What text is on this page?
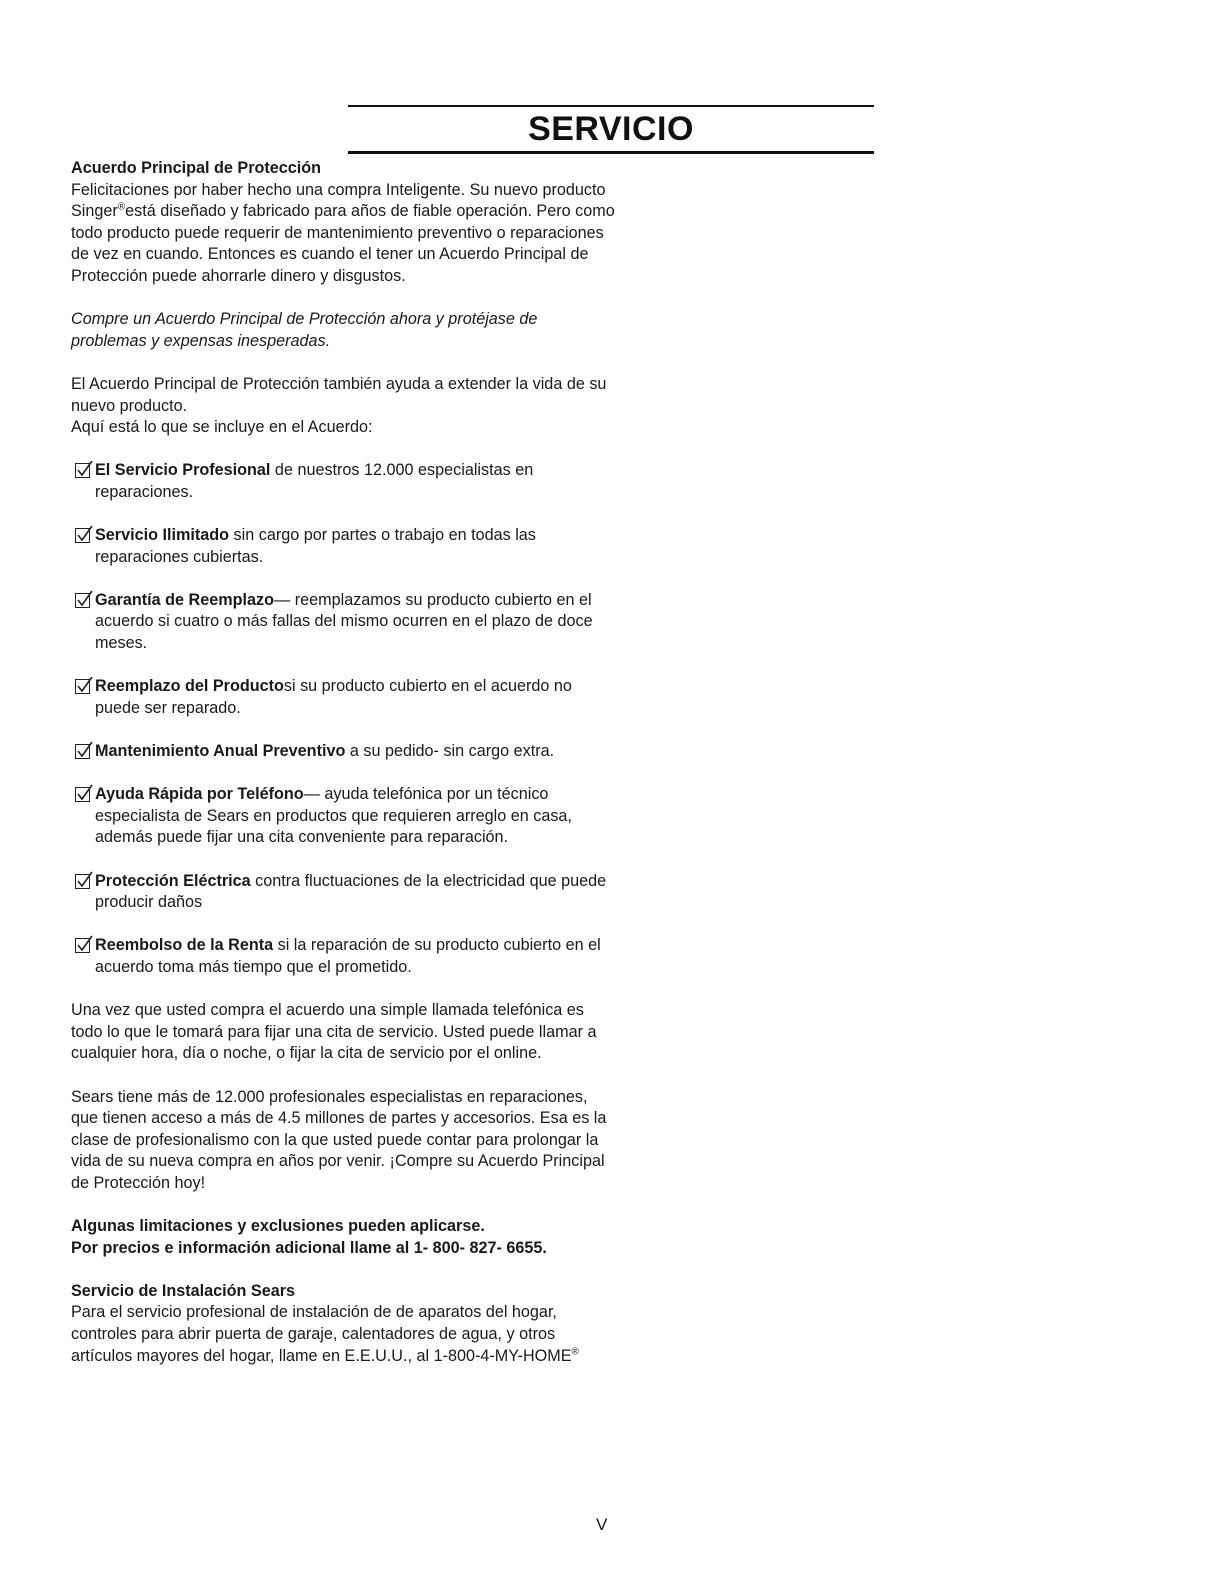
SERVICIO

Acuerdo Principal de Protección

Felicitaciones por haber hecho una compra Inteligente. Su nuevo producto Singer®está diseñado y fabricado para años de fiable operación. Pero como todo producto puede requerir de mantenimiento preventivo o reparaciones de vez en cuando. Entonces es cuando el tener un Acuerdo Principal de Protección puede ahorrarle dinero y disgustos.

Compre un Acuerdo Principal de Protección ahora y protéjase de problemas y expensas inesperadas.

El Acuerdo Principal de Protección también ayuda a extender la vida de su nuevo producto.

Aquí está lo que se incluye en el Acuerdo:

El Servicio Profesional de nuestros 12.000 especialistas en reparaciones.
Servicio Ilimitado sin cargo por partes o trabajo en todas las reparaciones cubiertas.
Garantía de Reemplazo— reemplazamos su producto cubierto en el acuerdo si cuatro o más fallas del mismo ocurren en el plazo de doce meses.
Reemplazo del Productosi su producto cubierto en el acuerdo no puede ser reparado.
Mantenimiento Anual Preventivo a su pedido- sin cargo extra.
Ayuda Rápida por Teléfono— ayuda telefónica por un técnico especialista de Sears en productos que requieren arreglo en casa, además puede fijar una cita conveniente para reparación.
Protección Eléctrica contra fluctuaciones de la electricidad que puede producir daños
Reembolso de la Renta si la reparación de su producto cubierto en el acuerdo toma más tiempo que el prometido.

Una vez que usted compra el acuerdo una simple llamada telefónica es todo lo que le tomará para fijar una cita de servicio. Usted puede llamar a cualquier hora, día o noche, o fijar la cita de servicio por el online.

Sears tiene más de 12.000 profesionales especialistas en reparaciones, que tienen acceso a más de 4.5 millones de partes y accesorios. Esa es la clase de profesionalismo con la que usted puede contar para prolongar la vida de su nueva compra en años por venir. ¡Compre su Acuerdo Principal de Protección hoy!

Algunas limitaciones y exclusiones pueden aplicarse.

Por precios e información adicional llame al 1- 800- 827- 6655.

Servicio de Instalación Sears

Para el servicio profesional de instalación de de aparatos del hogar, controles para abrir puerta de garaje, calentadores de agua, y otros artículos mayores del hogar, llame en E.E.U.U., al 1-800-4-MY-HOME®

V
